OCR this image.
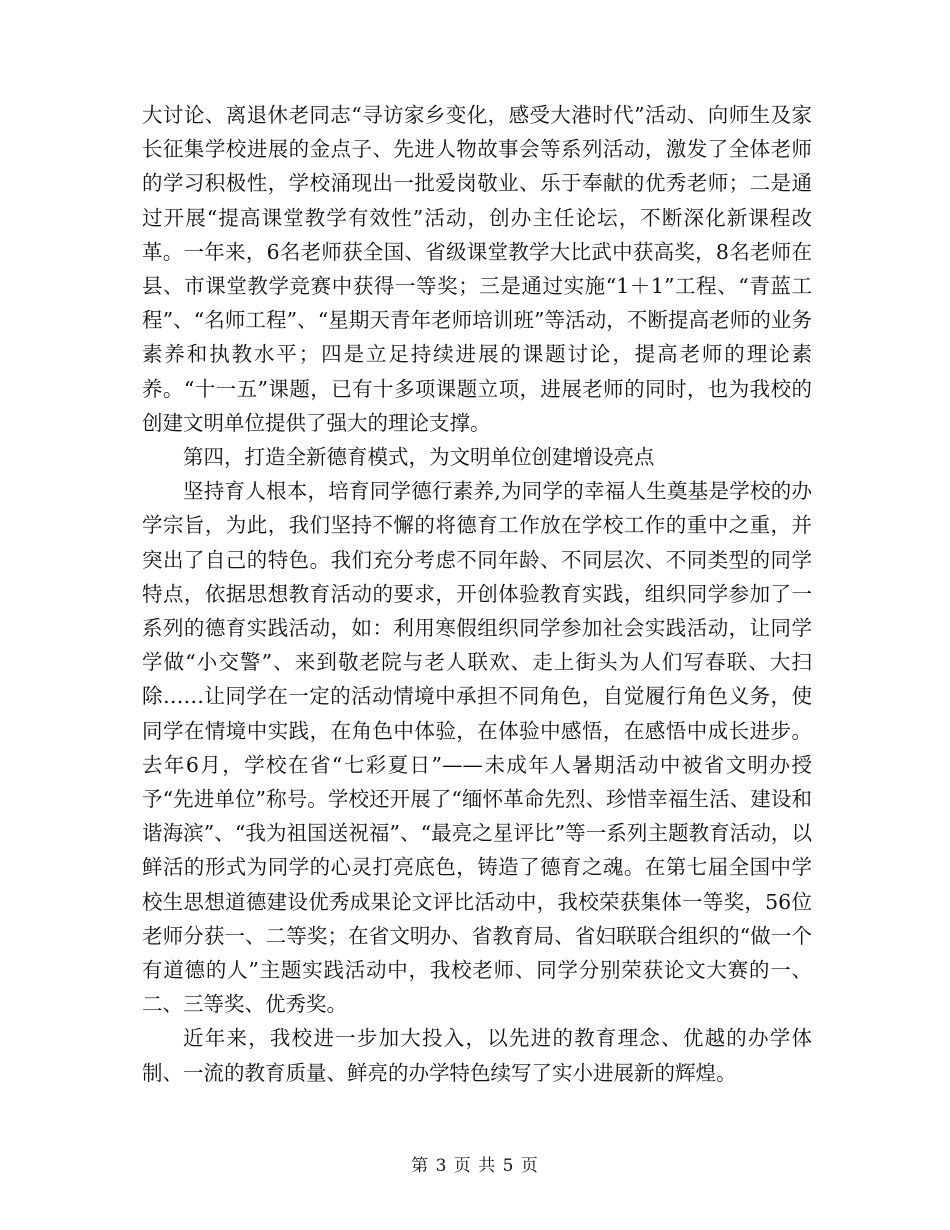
大讨论、离退休老同志“寻访家乡变化，感受大港时代”活动、向师生及家长征集学校进展的金点子、先进人物故事会等系列活动，激发了全体老师的学习积极性，学校涌现出一批爱岗敬业、乐于奉献的优秀老师；二是通过开展“提高课堂教学有效性”活动，创办主任论坛，不断深化新课程改革。一年来，6名老师获全国、省级课堂教学大比武中获高奖，8名老师在县、市课堂教学竞赛中获得一等奖；三是通过实施“1＋1”工程、“青蓝工程”、“名师工程”、“星期天青年老师培训班”等活动，不断提高老师的业务素养和执教水平；四是立足持续进展的课题讨论，提高老师的理论素养。“十一五”课题，已有十多项课题立项，进展老师的同时，也为我校的创建文明单位提供了强大的理论支撑。

第四，打造全新德育模式，为文明单位创建增设亮点

坚持育人根本，培育同学德行素养,为同学的幸福人生奠基是学校的办学宗旨，为此，我们坚持不懈的将德育工作放在学校工作的重中之重，并突出了自己的特色。我们充分考虑不同年龄、不同层次、不同类型的同学特点，依据思想教育活动的要求，开创体验教育实践，组织同学参加了一系列的德育实践活动，如：利用寒假组织同学参加社会实践活动，让同学学做“小交警”、来到敬老院与老人联欢、走上街头为人们写春联、大扫除……让同学在一定的活动情境中承担不同角色，自觉履行角色义务，使同学在情境中实践，在角色中体验，在体验中感悟，在感悟中成长进步。去年6月，学校在省“七彩夏日”——未成年人暑期活动中被省文明办授予“先进单位”称号。学校还开展了“缅怀革命先烈、珍惜幸福生活、建设和谐海滨”、“我为祖国送祝福”、“最亮之星评比”等一系列主题教育活动，以鲜活的形式为同学的心灵打亮底色，铸造了德育之魂。在第七届全国中学校生思想道德建设优秀成果论文评比活动中，我校荣获集体一等奖，56位老师分获一、二等奖；在省文明办、省教育局、省妇联联合组织的“做一个有道德的人”主题实践活动中，我校老师、同学分别荣获论文大赛的一、二、三等奖、优秀奖。

近年来，我校进一步加大投入，以先进的教育理念、优越的办学体制、一流的教育质量、鲜亮的办学特色续写了实小进展新的辉煌。

第 3 页 共 5 页
